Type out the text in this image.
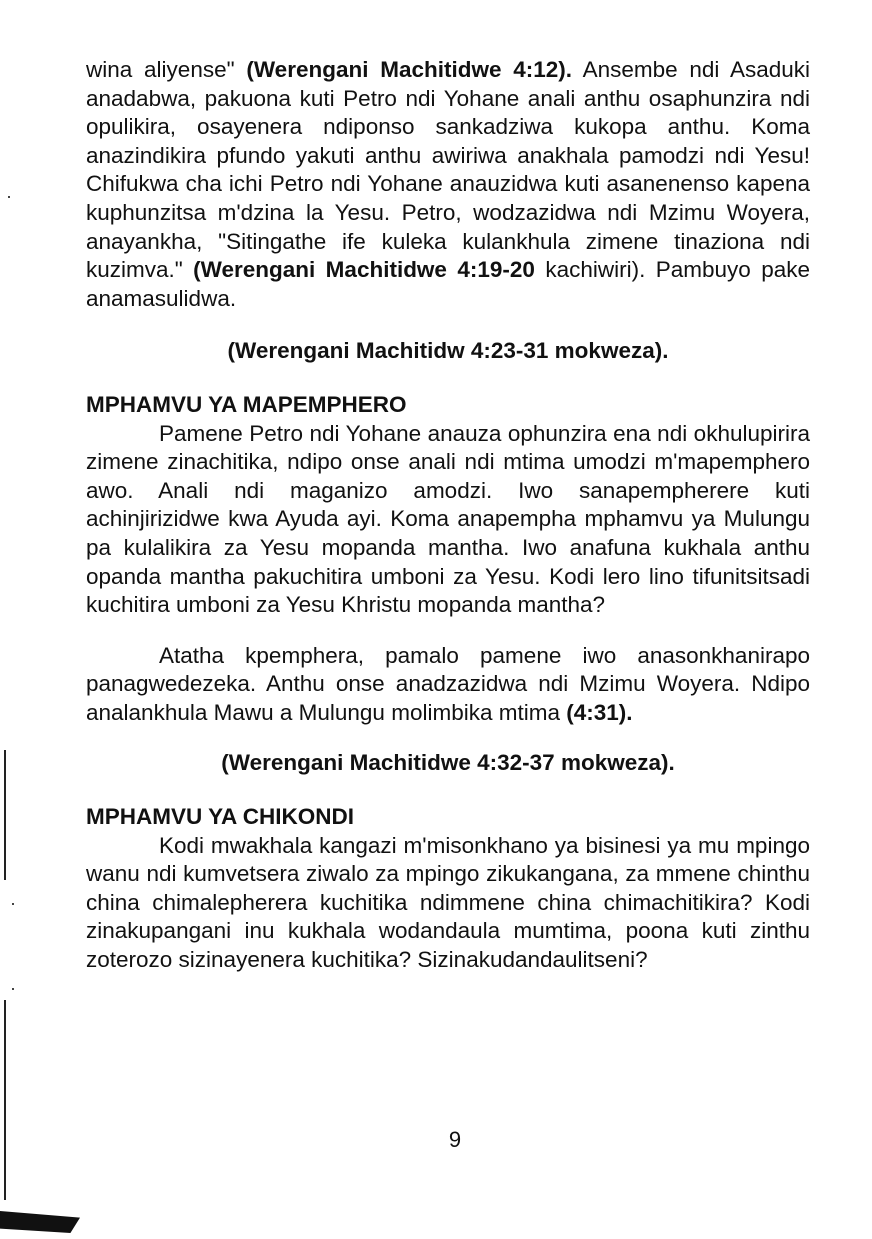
wina aliyense" (Werengani Machitidwe 4:12). Ansembe ndi Asaduki anadabwa, pakuona kuti Petro ndi Yohane anali anthu osaphunzira ndi opulikira, osayenera ndiponso sankadziwa kukopa anthu. Koma anazindikira pfundo yakuti anthu awiriwa anakhala pamodzi ndi Yesu! Chifukwa cha ichi Petro ndi Yohane anauzidwa kuti asanenenso kapena kuphunzitsa m'dzina la Yesu. Petro, wodzazidwa ndi Mzimu Woyera, anayankha, "Sitingathe ife kuleka kulankhula zimene tinaziona ndi kuzimva." (Werengani Machitidwe 4:19-20 kachiwiri). Pambuyo pake anamasulidwa.

(Werengani Machitidw 4:23-31 mokweza).

MPHAMVU YA MAPEMPHERO

Pamene Petro ndi Yohane anauza ophunzira ena ndi okhulupirira zimene zinachitika, ndipo onse anali ndi mtima umodzi m'mapemphero awo. Anali ndi maganizo amodzi. Iwo sanapempherere kuti achinjirizidwe kwa Ayuda ayi. Koma anapempha mphamvu ya Mulungu pa kulalikira za Yesu mopanda mantha. Iwo anafuna kukhala anthu opanda mantha pakuchitira umboni za Yesu. Kodi lero lino tifunitsitsadi kuchitira umboni za Yesu Khristu mopanda mantha?

Atatha kpemphera, pamalo pamene iwo anasonkhanirapo panagwedezeka. Anthu onse anadzazidwa ndi Mzimu Woyera. Ndipo analankhula Mawu a Mulungu molimbika mtima (4:31).

(Werengani Machitidwe 4:32-37 mokweza).

MPHAMVU YA CHIKONDI

Kodi mwakhala kangazi m'misonkhano ya bisinesi ya mu mpingo wanu ndi kumvetsera ziwalo za mpingo zikukangana, za mmene chinthu china chimalepherera kuchitika ndimmene china chimachitikira? Kodi zinakupangani inu kukhala wodandaula mumtima, poona kuti zinthu zoterozo sizinayenera kuchitika? Sizinakudandaulitseni?

9
